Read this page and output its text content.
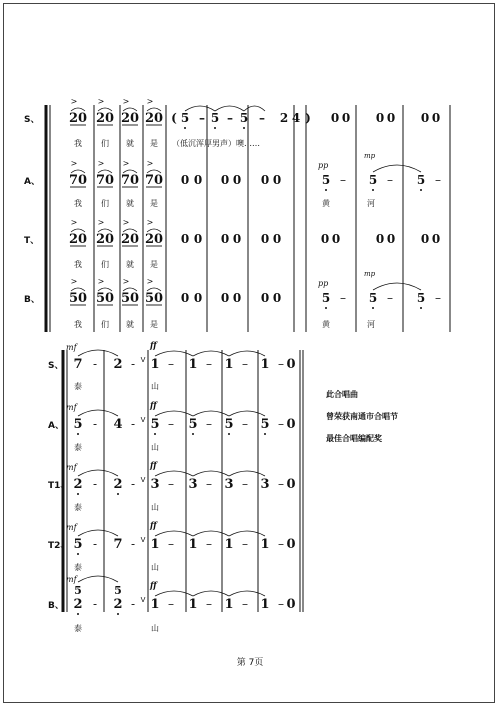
S、 20
>
20
>
20
>
20
>
我 们 就 是 （低沉浑厚男声）噢……
( 5 – 5 – 5 – 2 4 ) 0 0 0 0 0 0
A、 70
>
70
>
70
>
70
>
我 们 就 是	黄	河
0 0 0 0 0 0	5 – 5 – 5 –
pp
mp
T、 20
>
20
>
20
>
20
>
我 们 就 是
0 0 0 0 0 0	0 0	0 0 0 0
B、 50
>
50
>
50
>
50
>
我 们 就 是	黄	河
0 0 0 0 0 0	5 – 5 – 5 –
pp
mp
S、 7 - 2 - V
mf	ff
1 – 1 – 1 – 1 – 0
泰	山
A、 5 - 4 - V
mf	ff
5 – 5 – 5 – 5 – 0
泰	山
T1、 2 - 2 - V
mf	ff
3 – 3 – 3 – 3 – 0
泰	山
T2、 5 - 7 - V
mf	ff
1 – 1 – 1 – 1 – 0
泰	山
B、 2 - 2 - V
5	5
mf
ff
1 – 1 – 1 – 1 – 0
泰	山
此合唱曲
曾荣获南通市合唱节
最佳合唱编配奖
第 7页
